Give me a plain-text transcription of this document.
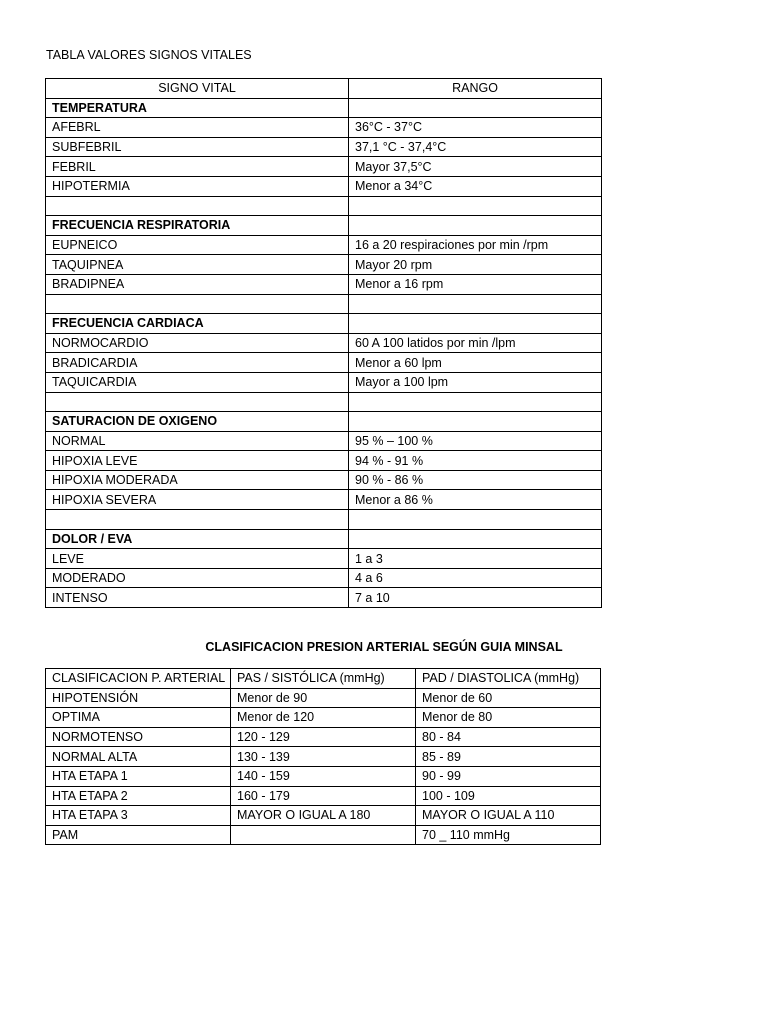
TABLA VALORES SIGNOS VITALES
SIGNO VITAL	RANGO
TEMPERATURA	
AFEBRL	36°C - 37°C
SUBFEBRIL	37,1 °C - 37,4°C
FEBRIL	Mayor 37,5°C
HIPOTERMIA	Menor a 34°C

FRECUENCIA RESPIRATORIA	
EUPNEICO	16 a 20 respiraciones por min /rpm
TAQUIPNEA	Mayor 20 rpm
BRADIPNEA	Menor a 16 rpm

FRECUENCIA CARDIACA	
NORMOCARDIO	60 A 100 latidos por min /lpm
BRADICARDIA	Menor a 60 lpm
TAQUICARDIA	Mayor a 100 lpm

SATURACION DE OXIGENO	
NORMAL	95 % – 100 %
HIPOXIA LEVE	94 % - 91 %
HIPOXIA MODERADA	90 % - 86 %
HIPOXIA SEVERA	Menor a 86 %

DOLOR / EVA	
LEVE	1 a 3
MODERADO	4 a 6
INTENSO	7 a 10
CLASIFICACION PRESION ARTERIAL SEGÚN GUIA MINSAL
CLASIFICACION P. ARTERIAL	PAS / SISTÓLICA (mmHg)	PAD / DIASTOLICA (mmHg)
HIPOTENSIÓN	Menor de 90	Menor de 60
OPTIMA	Menor de 120	Menor de 80
NORMOTENSO	120 - 129	80 - 84
NORMAL ALTA	130 - 139	85 - 89
HTA ETAPA 1	140 - 159	90 - 99
HTA ETAPA 2	160 - 179	100 - 109
HTA ETAPA 3	MAYOR O IGUAL A 180	MAYOR O IGUAL A 110
PAM		70 _ 110 mmHg
